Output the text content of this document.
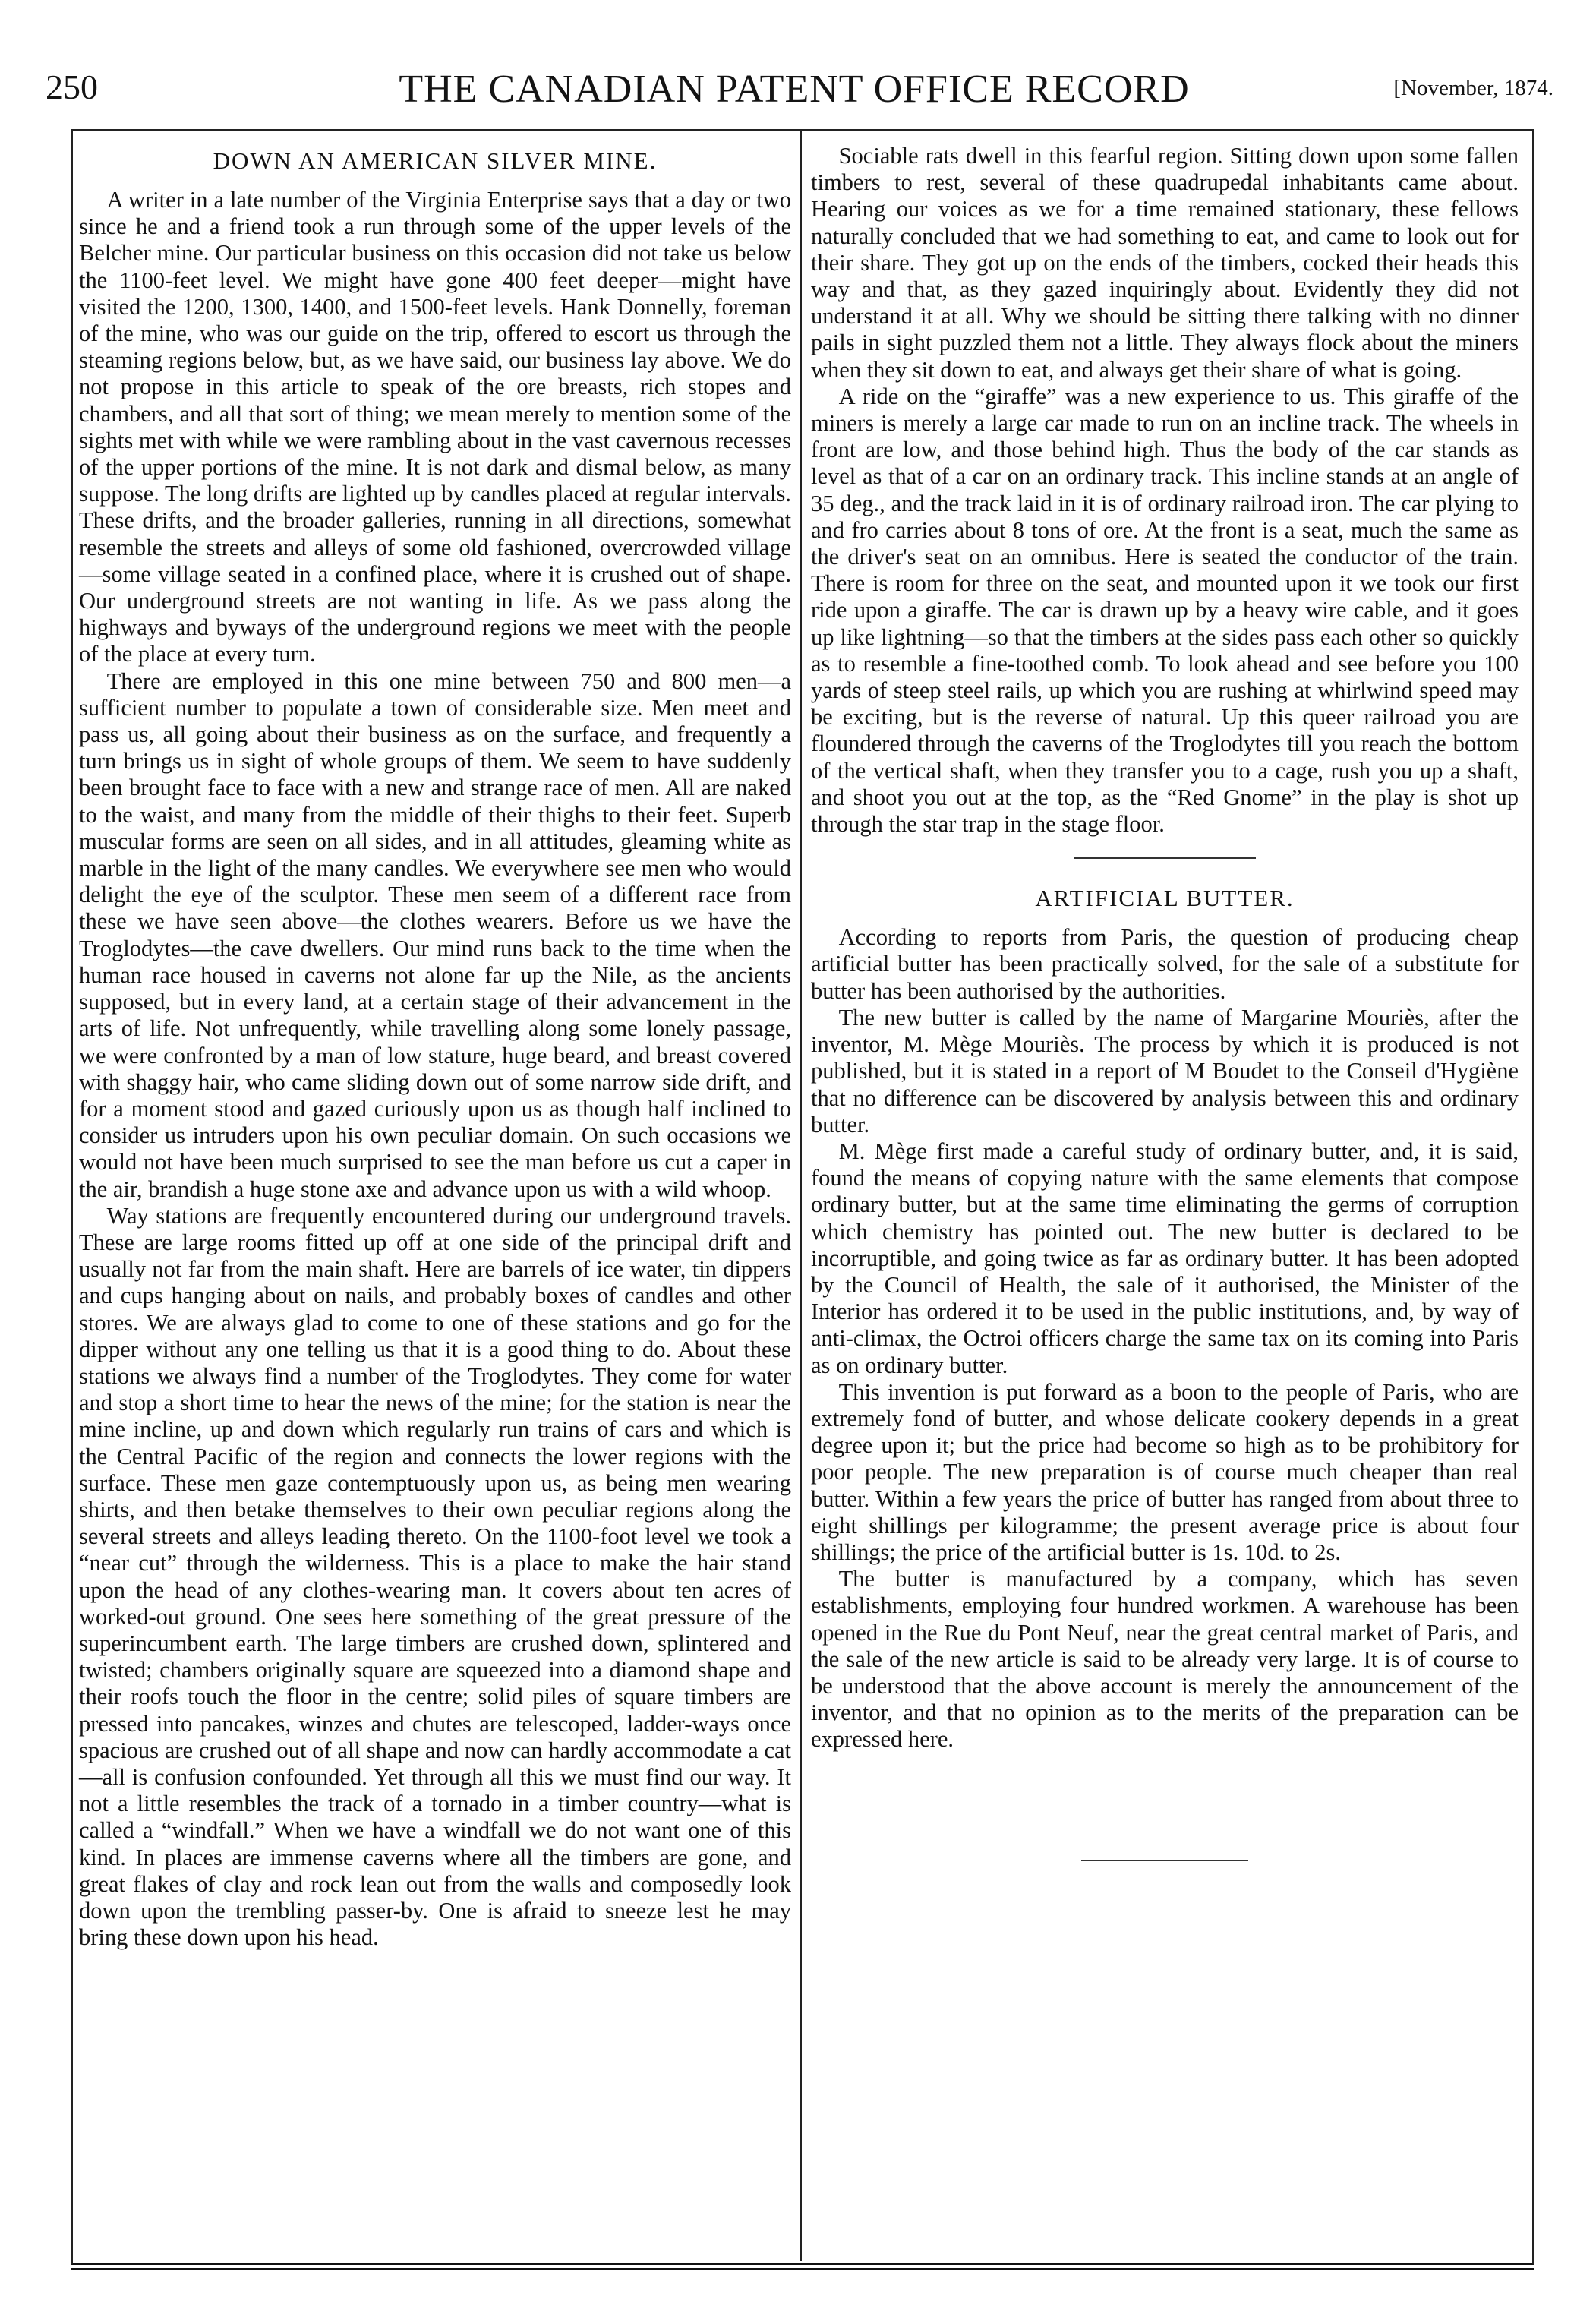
250	THE CANADIAN PATENT OFFICE RECORD	[November, 1874.
DOWN AN AMERICAN SILVER MINE.

A writer in a late number of the Virginia Enterprise says that a day or two since he and a friend took a run through some of the upper levels of the Belcher mine. Our particular business on this occasion did not take us below the 1100-feet level. We might have gone 400 feet deeper—might have visited the 1200, 1300, 1400, and 1500-feet levels. Hank Donnelly, foreman of the mine, who was our guide on the trip, offered to escort us through the steaming regions below, but, as we have said, our business lay above. We do not propose in this article to speak of the ore breasts, rich stopes and chambers, and all that sort of thing; we mean merely to mention some of the sights met with while we were rambling about in the vast cavernous recesses of the upper portions of the mine. It is not dark and dismal below, as many suppose. The long drifts are lighted up by candles placed at regular intervals. These drifts, and the broader galleries, running in all directions, somewhat resemble the streets and alleys of some old fashioned, overcrowded village—some village seated in a confined place, where it is crushed out of shape. Our underground streets are not wanting in life. As we pass along the highways and byways of the underground regions we meet with the people of the place at every turn.

There are employed in this one mine between 750 and 800 men—a sufficient number to populate a town of considerable size. Men meet and pass us, all going about their business as on the surface, and frequently a turn brings us in sight of whole groups of them. We seem to have suddenly been brought face to face with a new and strange race of men. All are naked to the waist, and many from the middle of their thighs to their feet. Superb muscular forms are seen on all sides, and in all attitudes, gleaming white as marble in the light of the many candles. We everywhere see men who would delight the eye of the sculptor. These men seem of a different race from these we have seen above—the clothes wearers. Before us we have the Troglodytes—the cave dwellers. Our mind runs back to the time when the human race housed in caverns not alone far up the Nile, as the ancients supposed, but in every land, at a certain stage of their advancement in the arts of life. Not unfrequently, while travelling along some lonely passage, we were confronted by a man of low stature, huge beard, and breast covered with shaggy hair, who came sliding down out of some narrow side drift, and for a moment stood and gazed curiously upon us as though half inclined to consider us intruders upon his own peculiar domain. On such occasions we would not have been much surprised to see the man before us cut a caper in the air, brandish a huge stone axe and advance upon us with a wild whoop.

Way stations are frequently encountered during our underground travels. These are large rooms fitted up off at one side of the principal drift and usually not far from the main shaft. Here are barrels of ice water, tin dippers and cups hanging about on nails, and probably boxes of candles and other stores. We are always glad to come to one of these stations and go for the dipper without any one telling us that it is a good thing to do. About these stations we always find a number of the Troglodytes. They come for water and stop a short time to hear the news of the mine; for the station is near the mine incline, up and down which regularly run trains of cars and which is the Central Pacific of the region and connects the lower regions with the surface. These men gaze contemptuously upon us, as being men wearing shirts, and then betake themselves to their own peculiar regions along the several streets and alleys leading thereto. On the 1100-foot level we took a “near cut” through the wilderness. This is a place to make the hair stand upon the head of any clothes-wearing man. It covers about ten acres of worked-out ground. One sees here something of the great pressure of the superincumbent earth. The large timbers are crushed down, splintered and twisted; chambers originally square are squeezed into a diamond shape and their roofs touch the floor in the centre; solid piles of square timbers are pressed into pancakes, winzes and chutes are telescoped, ladder-ways once spacious are crushed out of all shape and now can hardly accommodate a cat—all is confusion confounded. Yet through all this we must find our way. It not a little resembles the track of a tornado in a timber country—what is called a “windfall.” When we have a windfall we do not want one of this kind. In places are immense caverns where all the timbers are gone, and great flakes of clay and rock lean out from the walls and composedly look down upon the trembling passer-by. One is afraid to sneeze lest he may bring these down upon his head.

Sociable rats dwell in this fearful region. Sitting down upon some fallen timbers to rest, several of these quadrupedal inhabitants came about. Hearing our voices as we for a time remained stationary, these fellows naturally concluded that we had something to eat, and came to look out for their share. They got up on the ends of the timbers, cocked their heads this way and that, as they gazed inquiringly about. Evidently they did not understand it at all. Why we should be sitting there talking with no dinner pails in sight puzzled them not a little. They always flock about the miners when they sit down to eat, and always get their share of what is going.

A ride on the “giraffe” was a new experience to us. This giraffe of the miners is merely a large car made to run on an incline track. The wheels in front are low, and those behind high. Thus the body of the car stands as level as that of a car on an ordinary track. This incline stands at an angle of 35 deg., and the track laid in it is of ordinary railroad iron. The car plying to and fro carries about 8 tons of ore. At the front is a seat, much the same as the driver's seat on an omnibus. Here is seated the conductor of the train. There is room for three on the seat, and mounted upon it we took our first ride upon a giraffe. The car is drawn up by a heavy wire cable, and it goes up like lightning—so that the timbers at the sides pass each other so quickly as to resemble a fine-toothed comb. To look ahead and see before you 100 yards of steep steel rails, up which you are rushing at whirlwind speed may be exciting, but is the reverse of natural. Up this queer railroad you are floundered through the caverns of the Troglodytes till you reach the bottom of the vertical shaft, when they transfer you to a cage, rush you up a shaft, and shoot you out at the top, as the “Red Gnome” in the play is shot up through the star trap in the stage floor.

ARTIFICIAL BUTTER.

According to reports from Paris, the question of producing cheap artificial butter has been practically solved, for the sale of a substitute for butter has been authorised by the authorities.

The new butter is called by the name of Margarine Mouriès, after the inventor, M. Mège Mouriès. The process by which it is produced is not published, but it is stated in a report of M Boudet to the Conseil d'Hygiène that no difference can be discovered by analysis between this and ordinary butter.

M. Mège first made a careful study of ordinary butter, and, it is said, found the means of copying nature with the same elements that compose ordinary butter, but at the same time eliminating the germs of corruption which chemistry has pointed out. The new butter is declared to be incorruptible, and going twice as far as ordinary butter. It has been adopted by the Council of Health, the sale of it authorised, the Minister of the Interior has ordered it to be used in the public institutions, and, by way of anti-climax, the Octroi officers charge the same tax on its coming into Paris as on ordinary butter.

This invention is put forward as a boon to the people of Paris, who are extremely fond of butter, and whose delicate cookery depends in a great degree upon it; but the price had become so high as to be prohibitory for poor people. The new preparation is of course much cheaper than real butter. Within a few years the price of butter has ranged from about three to eight shillings per kilogramme; the present average price is about four shillings; the price of the artificial butter is 1s. 10d. to 2s.

The butter is manufactured by a company, which has seven establishments, employing four hundred workmen. A warehouse has been opened in the Rue du Pont Neuf, near the great central market of Paris, and the sale of the new article is said to be already very large. It is of course to be understood that the above account is merely the announcement of the inventor, and that no opinion as to the merits of the preparation can be expressed here.
